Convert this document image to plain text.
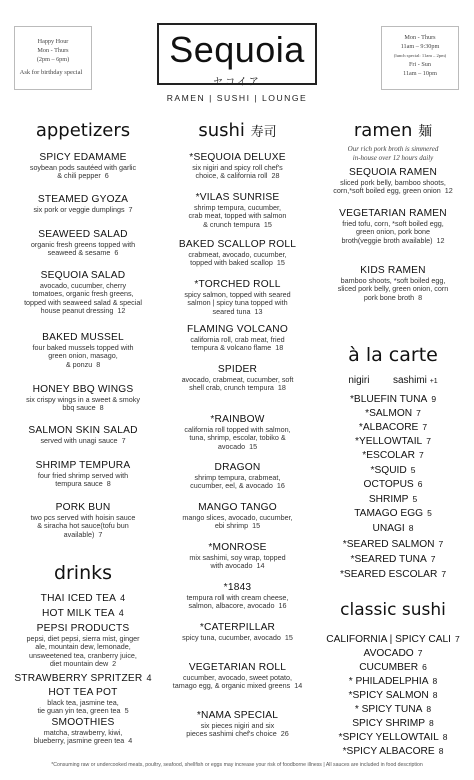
Happy Hour
Mon - Thurs
(2pm – 6pm)
Ask for birthday special
Mon - Thurs
11am – 9:30pm
(lunch special: 11am – 2pm)
Fri - Sun
11am – 10pm
Sequoia
セコイア
RAMEN | SUSHI | LOUNGE
appetizers
SPICY EDAMAME
soybean pods sautéed with garlic
& chili pepper 6
STEAMED GYOZA
six pork or veggie dumplings 7
SEAWEED SALAD
organic fresh greens topped with
seaweed & sesame 6
SEQUOIA SALAD
avocado, cucumber, cherry
tomatoes, organic fresh greens,
topped with seaweed salad & special
house peanut dressing 12
BAKED MUSSEL
four baked mussels topped with
green onion, masago,
& ponzu 8
HONEY BBQ WINGS
six crispy wings in a sweet & smoky
bbq sauce 8
SALMON SKIN SALAD
served with unagi sauce 7
SHRIMP TEMPURA
four fried shrimp served with
tempura sauce 8
PORK BUN
two pcs served with hoisin sauce
& siracha hot sauce(tofu bun
available) 7
drinks
THAI ICED TEA 4
HOT MILK TEA 4
PEPSI PRODUCTS
pepsi, diet pepsi, sierra mist, ginger
ale, mountain dew, lemonade,
unsweetened tea, cranberry juice,
diet mountain dew 2
STRAWBERRY SPRITZER 4
HOT TEA POT
black tea, jasmine tea,
tie guan yin tea, green tea 5
SMOOTHIES
matcha, strawberry, kiwi,
blueberry, jasmine green tea 4
sushi 寿司
*SEQUOIA DELUXE
six nigiri and spicy roll chef's
choice, & california roll 28
*VILAS SUNRISE
shrimp tempura, cucumber,
crab meat, topped with salmon
& crunch tempura 15
BAKED SCALLOP ROLL
crabmeat, avocado, cucumber,
topped with baked scallop 15
*TORCHED ROLL
spicy salmon, topped with seared
salmon | spicy tuna topped with
seared tuna 13
FLAMING VOLCANO
california roll, crab meat, fried
tempura & volcano flame 18
SPIDER
avocado, crabmeat, cucumber, soft
shell crab, crunch tempura 18
*RAINBOW
california roll topped with salmon,
tuna, shrimp, escolar, tobiko &
avocado 15
DRAGON
shrimp tempura, crabmeat,
cucumber, eel, & avocado 16
MANGO TANGO
mango slices, avocado, cucumber,
ebi shrimp 15
*MONROSE
mix sashimi, soy wrap, topped
with avocado 14
*1843
tempura roll with cream cheese,
salmon, albacore, avocado 16
*CATERPILLAR
spicy tuna, cucumber, avocado 15
VEGETARIAN ROLL
cucumber, avocado, sweet potato,
tamago egg, & organic mixed greens 14
*NAMA SPECIAL
six pieces nigiri and six
pieces sashimi chef's choice 26
ramen 麺
Our rich pork broth is simmered
in-house over 12 hours daily
SEQUOIA RAMEN
sliced pork belly, bamboo shoots,
corn,*soft boiled egg, green onion 12
VEGETARIAN RAMEN
fried tofu, corn, *soft boiled egg,
green onion, pork bone
broth(veggie broth available) 12
KIDS RAMEN
bamboo shoots, *soft boiled egg,
sliced pork belly, green onion, corn
pork bone broth 8
à la carte
nigiri sashimi +1
*BLUEFIN TUNA 9
*SALMON 7
*ALBACORE 7
*YELLOWTAIL 7
*ESCOLAR 7
*SQUID 5
OCTOPUS 6
SHRIMP 5
TAMAGO EGG 5
UNAGI 8
*SEARED SALMON 7
*SEARED TUNA 7
*SEARED ESCOLAR 7
classic sushi
CALIFORNIA | SPICY CALI 7
AVOCADO 7
CUCUMBER 6
* PHILADELPHIA 8
*SPICY SALMON 8
* SPICY TUNA 8
SPICY SHRIMP 8
*SPICY YELLOWTAIL 8
*SPICY ALBACORE 8
*Consuming raw or undercooked meats, poultry, seafood, shellfish or eggs may increase your risk of foodborne illness | All sauces are included in food description
